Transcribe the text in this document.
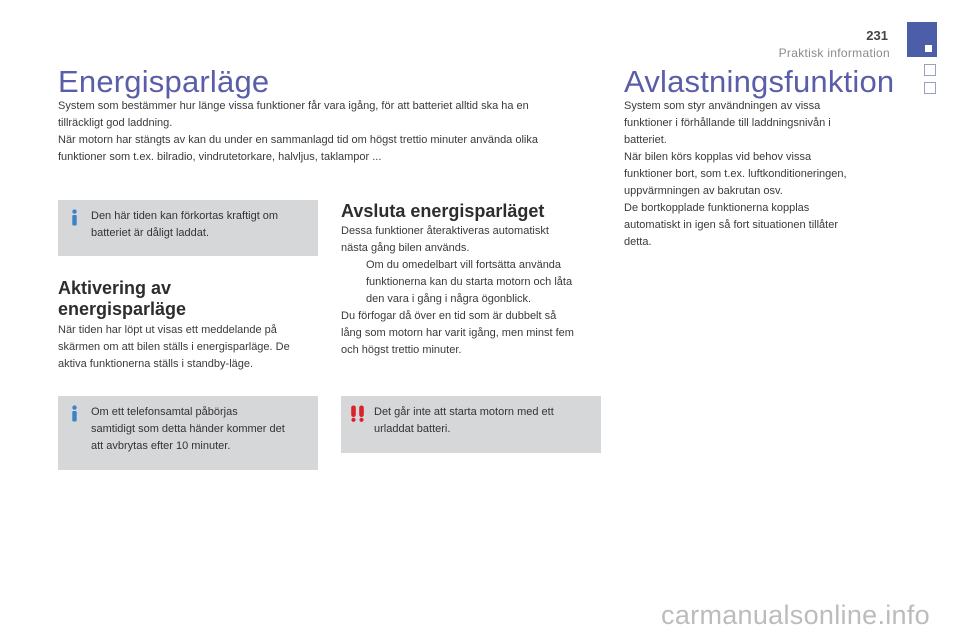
231
Praktisk information
Energisparläge
System som bestämmer hur länge vissa funktioner får vara igång, för att batteriet alltid ska ha en
tillräckligt god laddning.
När motorn har stängts av kan du under en sammanlagd tid om högst trettio minuter använda olika
funktioner som t.ex. bilradio, vindrutetorkare, halvljus, taklampor ...
Den här tiden kan förkortas kraftigt om
batteriet är dåligt laddat.
Aktivering av
energisparläge
När tiden har löpt ut visas ett meddelande på
skärmen om att bilen ställs i energisparläge. De
aktiva funktionerna ställs i standby-läge.
Om ett telefonsamtal påbörjas
samtidigt som detta händer kommer det
att avbrytas efter 10 minuter.
Avsluta energisparläget
Dessa funktioner återaktiveras automatiskt
nästa gång bilen används.
Om du omedelbart vill fortsätta använda
funktionerna kan du starta motorn och låta
den vara i gång i några ögonblick.
Du förfogar då över en tid som är dubbelt så
lång som motorn har varit igång, men minst fem
och högst trettio minuter.
Det går inte att starta motorn med ett
urladdat batteri.
Avlastningsfunktion
System som styr användningen av vissa
funktioner i förhållande till laddningsnivån i
batteriet.
När bilen körs kopplas vid behov vissa
funktioner bort, som t.ex. luftkonditioneringen,
uppvärmningen av bakrutan osv.
De bortkopplade funktionerna kopplas
automatiskt in igen så fort situationen tillåter
detta.
carmanualsonline.info
